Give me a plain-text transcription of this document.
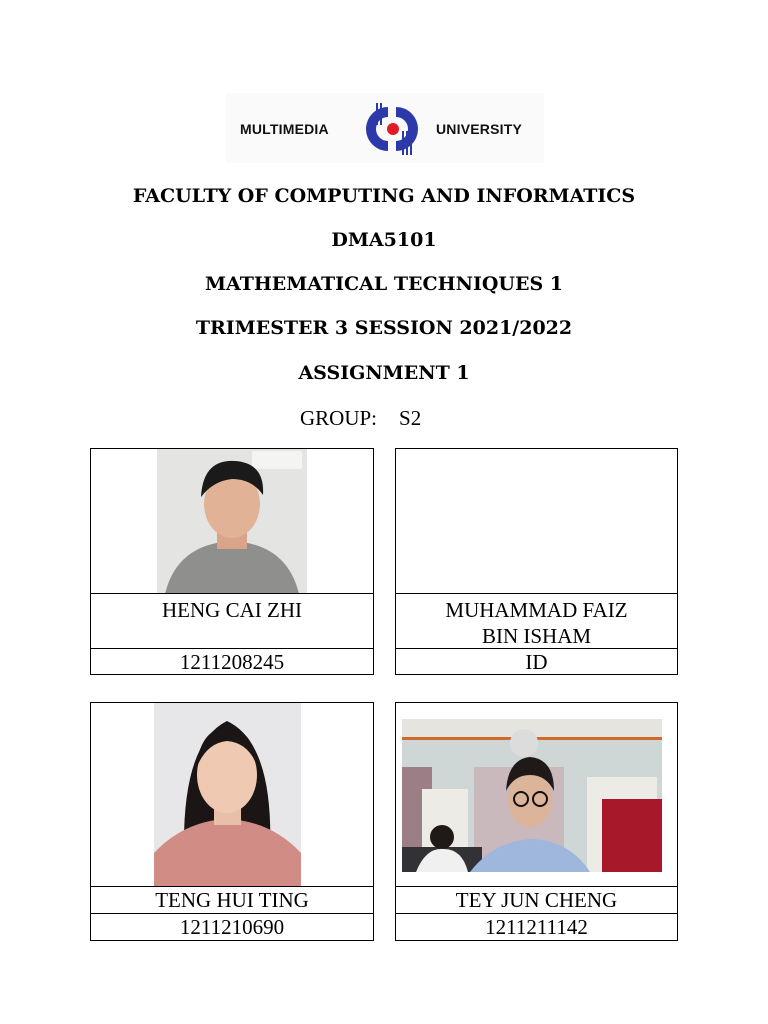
MULTIMEDIA	UNIVERSITY
FACULTY OF COMPUTING AND INFORMATICS
DMA5101
MATHEMATICAL TECHNIQUES 1
TRIMESTER 3 SESSION 2021/2022
ASSIGNMENT 1
GROUP: S2
HENG CAI ZHI
1211208245
MUHAMMAD FAIZ BIN ISHAM
ID
TENG HUI TING
1211210690
TEY JUN CHENG
1211211142
